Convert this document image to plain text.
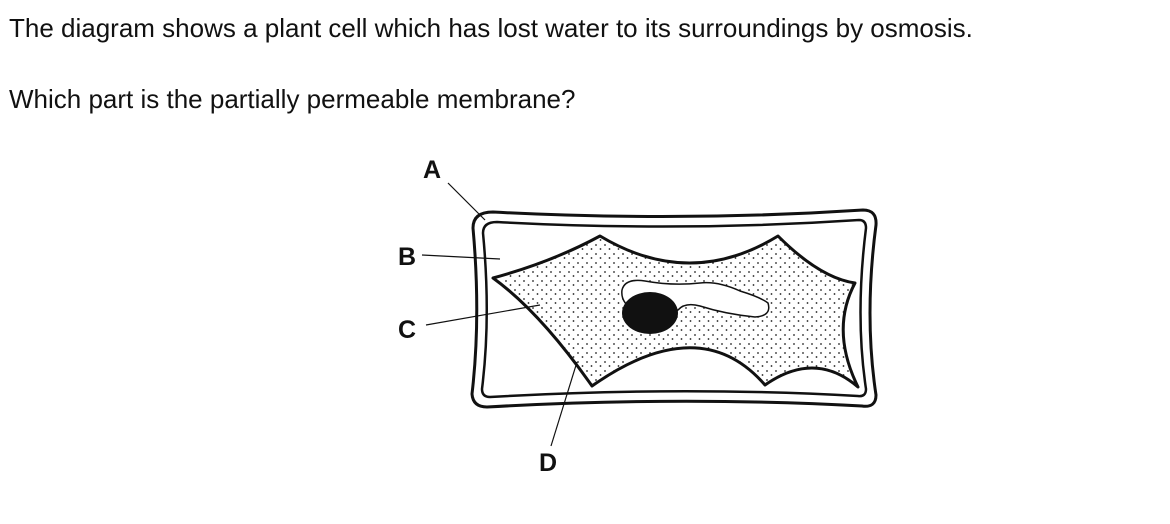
The diagram shows a plant cell which has lost water to its surroundings by osmosis.

Which part is the partially permeable membrane?

A
B
C
D
